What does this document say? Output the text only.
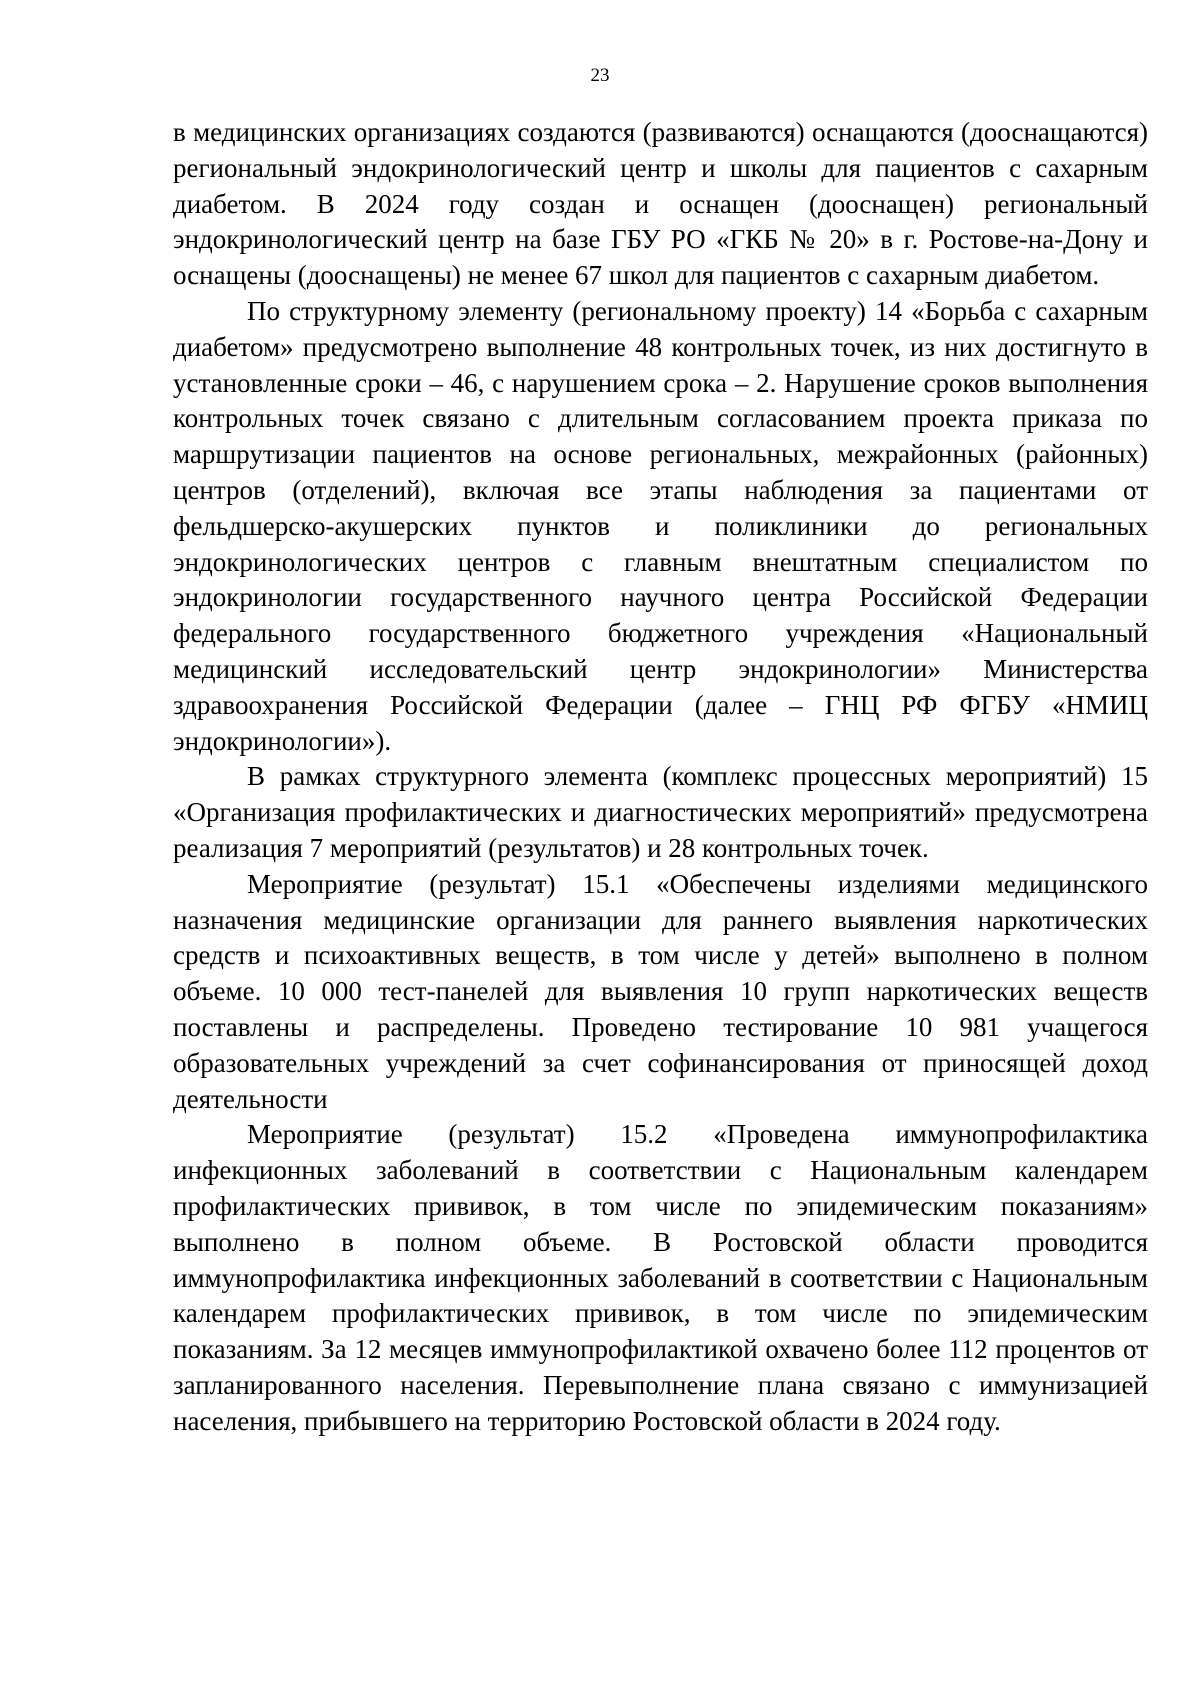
23

в медицинских организациях создаются (развиваются) оснащаются (дооснащаются) региональный эндокринологический центр и школы для пациентов с сахарным диабетом. В 2024 году создан и оснащен (дооснащен) региональный эндокринологический центр на базе ГБУ РО «ГКБ № 20» в г. Ростове-на-Дону и оснащены (дооснащены) не менее 67 школ для пациентов с сахарным диабетом.

По структурному элементу (региональному проекту) 14 «Борьба с сахарным диабетом» предусмотрено выполнение 48 контрольных точек, из них достигнуто в установленные сроки – 46, с нарушением срока – 2. Нарушение сроков выполнения контрольных точек связано с длительным согласованием проекта приказа по маршрутизации пациентов на основе региональных, межрайонных (районных) центров (отделений), включая все этапы наблюдения за пациентами от фельдшерско-акушерских пунктов и поликлиники до региональных эндокринологических центров с главным внештатным специалистом по эндокринологии государственного научного центра Российской Федерации федерального государственного бюджетного учреждения «Национальный медицинский исследовательский центр эндокринологии» Министерства здравоохранения Российской Федерации (далее – ГНЦ РФ ФГБУ «НМИЦ эндокринологии»).

В рамках структурного элемента (комплекс процессных мероприятий) 15 «Организация профилактических и диагностических мероприятий» предусмотрена реализация 7 мероприятий (результатов) и 28 контрольных точек.

Мероприятие (результат) 15.1 «Обеспечены изделиями медицинского назначения медицинские организации для раннего выявления наркотических средств и психоактивных веществ, в том числе у детей» выполнено в полном объеме. 10 000 тест-панелей для выявления 10 групп наркотических веществ поставлены и распределены. Проведено тестирование 10 981 учащегося образовательных учреждений за счет софинансирования от приносящей доход деятельности

Мероприятие (результат) 15.2 «Проведена иммунопрофилактика инфекционных заболеваний в соответствии с Национальным календарем профилактических прививок, в том числе по эпидемическим показаниям» выполнено в полном объеме. В Ростовской области проводится иммунопрофилактика инфекционных заболеваний в соответствии с Национальным календарем профилактических прививок, в том числе по эпидемическим показаниям. За 12 месяцев иммунопрофилактикой охвачено более 112 процентов от запланированного населения. Перевыполнение плана связано с иммунизацией населения, прибывшего на территорию Ростовской области в 2024 году.
